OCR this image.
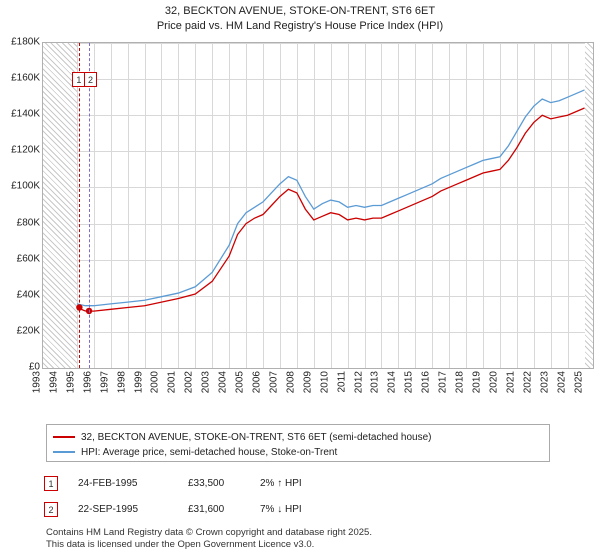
32, BECKTON AVENUE, STOKE-ON-TRENT, ST6 6ET
Price paid vs. HM Land Registry's House Price Index (HPI)
£0
£20K
£40K
£60K
£80K
£100K
£120K
£140K
£160K
£180K
1 2
1993 1994 1995 1996 1997 1998 1999 2000 2001 2002 2003 2004 2005 2006 2007 2008 2009 2010 2011 2012 2013 2014 2015 2016 2017 2018 2019 2020 2021 2022 2023 2024 2025
32, BECKTON AVENUE, STOKE-ON-TRENT, ST6 6ET (semi-detached house)
HPI: Average price, semi-detached house, Stoke-on-Trent
1	24-FEB-1995	£33,500	2% ↑ HPI
2	22-SEP-1995	£31,600	7% ↓ HPI
Contains HM Land Registry data © Crown copyright and database right 2025.
This data is licensed under the Open Government Licence v3.0.
